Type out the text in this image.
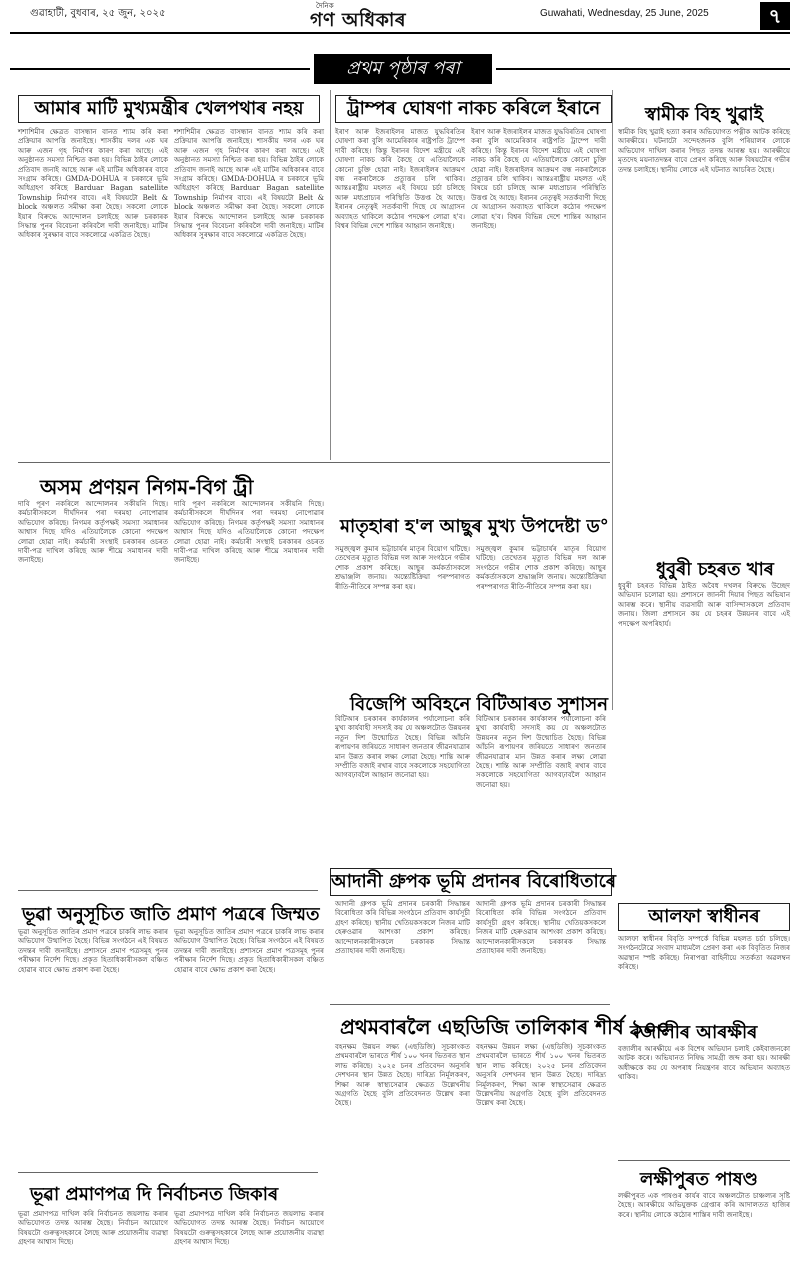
গুৱাহাটী, বুধবাৰ, ২৫ জুন, ২০২৫
দৈনিক
গণ অধিকাৰ	Guwahati, Wednesday, 25 June, 2025	৭
প্ৰথম পৃষ্ঠাৰ পৰা
আমাৰ মাটি মুখ্যমন্ত্ৰীৰ খেলপথাৰ নহয়
শশাশিমীৰ ক্ষেত্ৰত বাসন্ধান বানত শ্যাম কৰি কৰা প্ৰক্ৰিয়াৰ আপত্তি জনাইছে। শাসকীয় দলৰ এক ঘৰ আৰু এজন গৃহ নিৰ্মাণৰ কাৰণ কৰা আছে। এই অনুষ্ঠানত সমস্যা নিশ্চিত কৰা হয়। বিভিন্ন ঠাইৰ লোকে প্ৰতিবাদ জনাই আছে আৰু এই মাটিৰ অধিকাৰৰ বাবে সংগ্ৰাম কৰিছে। GMDA-DOHUA ৰ চৰকাৰে ভূমি অধিগ্ৰহণ কৰিছে Barduar Bagan satellite Township নিৰ্মাণৰ বাবে। এই বিষয়টো Belt & block অঞ্চলত সমীক্ষা কৰা হৈছে। সকলো লোকে ইয়াৰ বিৰুদ্ধে আন্দোলন চলাইছে আৰু চৰকাৰক সিদ্ধান্ত পুনৰ বিবেচনা কৰিবলৈ দাবী জনাইছে। মাটিৰ অধিকাৰ সুৰক্ষাৰ বাবে সকলোৱে একত্ৰিত হৈছে।
শশাশিমীৰ ক্ষেত্ৰত বাসন্ধান বানত শ্যাম কৰি কৰা প্ৰক্ৰিয়াৰ আপত্তি জনাইছে। শাসকীয় দলৰ এক ঘৰ আৰু এজন গৃহ নিৰ্মাণৰ কাৰণ কৰা আছে। এই অনুষ্ঠানত সমস্যা নিশ্চিত কৰা হয়। বিভিন্ন ঠাইৰ লোকে প্ৰতিবাদ জনাই আছে আৰু এই মাটিৰ অধিকাৰৰ বাবে সংগ্ৰাম কৰিছে। GMDA-DOHUA ৰ চৰকাৰে ভূমি অধিগ্ৰহণ কৰিছে Barduar Bagan satellite Township নিৰ্মাণৰ বাবে। এই বিষয়টো Belt & block অঞ্চলত সমীক্ষা কৰা হৈছে। সকলো লোকে ইয়াৰ বিৰুদ্ধে আন্দোলন চলাইছে আৰু চৰকাৰক সিদ্ধান্ত পুনৰ বিবেচনা কৰিবলৈ দাবী জনাইছে। মাটিৰ অধিকাৰ সুৰক্ষাৰ বাবে সকলোৱে একত্ৰিত হৈছে।
ট্ৰাম্পৰ ঘোষণা নাকচ কৰিলে ইৰানে
ইৰাণ আৰু ইজৰাইলৰ মাজত যুদ্ধবিৰতিৰ ঘোষণা কৰা বুলি আমেৰিকাৰ ৰাষ্ট্ৰপতি ট্ৰাম্পে দাবী কৰিছে। কিন্তু ইৰানৰ বিদেশ মন্ত্ৰীয়ে এই ঘোষণা নাকচ কৰি কৈছে যে এতিয়ালৈকে কোনো চুক্তি হোৱা নাই। ইজৰাইলৰ আক্ৰমণ বন্ধ নকৰালৈকে প্ৰত্যুত্তৰ চলি থাকিব। আন্তঃৰাষ্ট্ৰীয় মহলত এই বিষয়ে চৰ্চা চলিছে আৰু মধ্যপ্ৰাচ্যৰ পৰিস্থিতি উত্তপ্ত হৈ আছে। ইৰানৰ নেতৃত্বই সতৰ্কবাণী দিছে যে আগ্ৰাসন অব্যাহত থাকিলে কঠোৰ পদক্ষেপ লোৱা হ'ব। বিশ্বৰ বিভিন্ন দেশে শান্তিৰ আহ্বান জনাইছে।
ইৰাণ আৰু ইজৰাইলৰ মাজত যুদ্ধবিৰতিৰ ঘোষণা কৰা বুলি আমেৰিকাৰ ৰাষ্ট্ৰপতি ট্ৰাম্পে দাবী কৰিছে। কিন্তু ইৰানৰ বিদেশ মন্ত্ৰীয়ে এই ঘোষণা নাকচ কৰি কৈছে যে এতিয়ালৈকে কোনো চুক্তি হোৱা নাই। ইজৰাইলৰ আক্ৰমণ বন্ধ নকৰালৈকে প্ৰত্যুত্তৰ চলি থাকিব। আন্তঃৰাষ্ট্ৰীয় মহলত এই বিষয়ে চৰ্চা চলিছে আৰু মধ্যপ্ৰাচ্যৰ পৰিস্থিতি উত্তপ্ত হৈ আছে। ইৰানৰ নেতৃত্বই সতৰ্কবাণী দিছে যে আগ্ৰাসন অব্যাহত থাকিলে কঠোৰ পদক্ষেপ লোৱা হ'ব। বিশ্বৰ বিভিন্ন দেশে শান্তিৰ আহ্বান জনাইছে।
স্বামীক বিহ খুৱাই
স্বামীক বিহ খুৱাই হত্যা কৰাৰ অভিযোগত পত্নীক আটক কৰিছে আৰক্ষীয়ে। ঘটনাটো সন্দেহজনক বুলি পৰিয়ালৰ লোকে অভিযোগ দাখিল কৰাৰ পিছত তদন্ত আৰম্ভ হয়। আৰক্ষীয়ে মৃতদেহ ময়নাতদন্তৰ বাবে প্ৰেৰণ কৰিছে আৰু বিষয়টোৰ গভীৰ তদন্ত চলাইছে। স্থানীয় লোকে এই ঘটনাত আচৰিত হৈছে।
অসম প্ৰণয়ন নিগম-বিগ ট্ৰী
দাবি পূৰণ নকৰিলে আন্দোলনৰ সকীয়নি দিছে। কৰ্মচাৰীসকলে দীৰ্ঘদিনৰ পৰা দৰমহা নোপোৱাৰ অভিযোগ কৰিছে। নিগমৰ কৰ্তৃপক্ষই সমস্যা সমাধানৰ আশ্বাস দিছে যদিও এতিয়ালৈকে কোনো পদক্ষেপ লোৱা হোৱা নাই। কৰ্মচাৰী সংস্থাই চৰকাৰৰ ওচৰত দাবী-পত্ৰ দাখিল কৰিছে আৰু শীঘ্ৰে সমাধানৰ দাবী জনাইছে।
দাবি পূৰণ নকৰিলে আন্দোলনৰ সকীয়নি দিছে। কৰ্মচাৰীসকলে দীৰ্ঘদিনৰ পৰা দৰমহা নোপোৱাৰ অভিযোগ কৰিছে। নিগমৰ কৰ্তৃপক্ষই সমস্যা সমাধানৰ আশ্বাস দিছে যদিও এতিয়ালৈকে কোনো পদক্ষেপ লোৱা হোৱা নাই। কৰ্মচাৰী সংস্থাই চৰকাৰৰ ওচৰত দাবী-পত্ৰ দাখিল কৰিছে আৰু শীঘ্ৰে সমাধানৰ দাবী জনাইছে।
মাতৃহাৰা হ'ল আছুৰ মুখ্য উপদেষ্টা ড°
সমুজ্জ্বল কুমাৰ ভট্টাচাৰ্যৰ মাতৃৰ বিয়োগ ঘটিছে। তেখেতৰ মৃত্যুত বিভিন্ন দল আৰু সংগঠনে গভীৰ শোক প্ৰকাশ কৰিছে। আছুৰ কৰ্মকৰ্তাসকলে শ্ৰদ্ধাঞ্জলি জনায়। অন্ত্যেষ্টিক্ৰিয়া পৰম্পৰাগত ৰীতি-নীতিৰে সম্পন্ন কৰা হয়।
সমুজ্জ্বল কুমাৰ ভট্টাচাৰ্যৰ মাতৃৰ বিয়োগ ঘটিছে। তেখেতৰ মৃত্যুত বিভিন্ন দল আৰু সংগঠনে গভীৰ শোক প্ৰকাশ কৰিছে। আছুৰ কৰ্মকৰ্তাসকলে শ্ৰদ্ধাঞ্জলি জনায়। অন্ত্যেষ্টিক্ৰিয়া পৰম্পৰাগত ৰীতি-নীতিৰে সম্পন্ন কৰা হয়।
ধুবুৰী চহৰত খাৰ
ধুবুৰী চহৰত বিভিন্ন ঠাইত অবৈধ দখলৰ বিৰুদ্ধে উচ্ছেদ অভিযান চলোৱা হয়। প্ৰশাসনে জাননী দিয়াৰ পিছত অভিযান আৰম্ভ কৰে। স্থানীয় ব্যৱসায়ী আৰু বাসিন্দাসকলে প্ৰতিবাদ জনায়। জিলা প্ৰশাসনে কয় যে চহৰৰ উন্নয়নৰ বাবে এই পদক্ষেপ অপৰিহাৰ্য।
বিজেপি অবিহনে বিটিআৰত সুশাসন
বিটিআৰ চৰকাৰৰ কাৰ্যকালৰ পৰ্যালোচনা কৰি মুখ্য কাৰ্যবাহী সদস্যই কয় যে অঞ্চলটোত উন্নয়নৰ নতুন দিশ উন্মোচিত হৈছে। বিভিন্ন আঁচনি ৰূপায়ণৰ জৰিয়তে সাধাৰণ জনতাৰ জীৱনযাত্ৰাৰ মান উন্নত কৰাৰ লক্ষ্য লোৱা হৈছে। শান্তি আৰু সম্প্ৰীতি বজাই ৰখাৰ বাবে সকলোকে সহযোগিতা আগবঢ়াবলৈ আহ্বান জনোৱা হয়।
বিটিআৰ চৰকাৰৰ কাৰ্যকালৰ পৰ্যালোচনা কৰি মুখ্য কাৰ্যবাহী সদস্যই কয় যে অঞ্চলটোত উন্নয়নৰ নতুন দিশ উন্মোচিত হৈছে। বিভিন্ন আঁচনি ৰূপায়ণৰ জৰিয়তে সাধাৰণ জনতাৰ জীৱনযাত্ৰাৰ মান উন্নত কৰাৰ লক্ষ্য লোৱা হৈছে। শান্তি আৰু সম্প্ৰীতি বজাই ৰখাৰ বাবে সকলোকে সহযোগিতা আগবঢ়াবলৈ আহ্বান জনোৱা হয়।
আদানী গ্ৰুপক ভূমি প্ৰদানৰ বিৰোধিতাৰে
আদানী গ্ৰুপক ভূমি প্ৰদানৰ চৰকাৰী সিদ্ধান্তৰ বিৰোধিতা কৰি বিভিন্ন সংগঠনে প্ৰতিবাদ কাৰ্যসূচী গ্ৰহণ কৰিছে। স্থানীয় খেতিয়কসকলে নিজৰ মাটি হেৰুওৱাৰ আশংকা প্ৰকাশ কৰিছে। আন্দোলনকাৰীসকলে চৰকাৰক সিদ্ধান্ত প্ৰত্যাহাৰৰ দাবী জনাইছে।
আদানী গ্ৰুপক ভূমি প্ৰদানৰ চৰকাৰী সিদ্ধান্তৰ বিৰোধিতা কৰি বিভিন্ন সংগঠনে প্ৰতিবাদ কাৰ্যসূচী গ্ৰহণ কৰিছে। স্থানীয় খেতিয়কসকলে নিজৰ মাটি হেৰুওৱাৰ আশংকা প্ৰকাশ কৰিছে। আন্দোলনকাৰীসকলে চৰকাৰক সিদ্ধান্ত প্ৰত্যাহাৰৰ দাবী জনাইছে।
ভূৱা অনুসূচিত জাতি প্ৰমাণ পত্ৰৰে জিম্মত
ভূৱা অনুসূচিত জাতিৰ প্ৰমাণ পত্ৰৰে চাকৰি লাভ কৰাৰ অভিযোগ উত্থাপিত হৈছে। বিভিন্ন সংগঠনে এই বিষয়ত তদন্তৰ দাবী জনাইছে। প্ৰশাসনে প্ৰমাণ পত্ৰসমূহ পুনৰ পৰীক্ষাৰ নিৰ্দেশ দিছে। প্ৰকৃত হিতাধিকাৰীসকল বঞ্চিত হোৱাৰ বাবে ক্ষোভ প্ৰকাশ কৰা হৈছে।
ভূৱা অনুসূচিত জাতিৰ প্ৰমাণ পত্ৰৰে চাকৰি লাভ কৰাৰ অভিযোগ উত্থাপিত হৈছে। বিভিন্ন সংগঠনে এই বিষয়ত তদন্তৰ দাবী জনাইছে। প্ৰশাসনে প্ৰমাণ পত্ৰসমূহ পুনৰ পৰীক্ষাৰ নিৰ্দেশ দিছে। প্ৰকৃত হিতাধিকাৰীসকল বঞ্চিত হোৱাৰ বাবে ক্ষোভ প্ৰকাশ কৰা হৈছে।
আলফা স্বাধীনৰ
আলফা স্বাধীনৰ বিবৃতি সম্পৰ্কে বিভিন্ন মহলত চৰ্চা চলিছে। সংগঠনটোৱে সংবাদ মাধ্যমলৈ প্ৰেৰণ কৰা এক বিবৃতিত নিজৰ অৱস্থান স্পষ্ট কৰিছে। নিৰাপত্তা বাহিনীয়ে সতৰ্কতা অৱলম্বন কৰিছে।
প্ৰথমবাৰলৈ এছডিজি তালিকাৰ শীৰ্ষ ১০০
বহনক্ষম উন্নয়ন লক্ষ্য (এছডিজি) সূচকাংকত প্ৰথমবাৰলৈ ভাৰতে শীৰ্ষ ১০০ খনৰ ভিতৰত স্থান লাভ কৰিছে। ২০২৫ চনৰ প্ৰতিবেদন অনুসৰি দেশখনৰ স্থান উন্নত হৈছে। দাৰিদ্ৰ্য নিৰ্মূলকৰণ, শিক্ষা আৰু স্বাস্থ্যসেৱাৰ ক্ষেত্ৰত উল্লেখনীয় অগ্ৰগতি হৈছে বুলি প্ৰতিবেদনত উল্লেখ কৰা হৈছে।
বহনক্ষম উন্নয়ন লক্ষ্য (এছডিজি) সূচকাংকত প্ৰথমবাৰলৈ ভাৰতে শীৰ্ষ ১০০ খনৰ ভিতৰত স্থান লাভ কৰিছে। ২০২৫ চনৰ প্ৰতিবেদন অনুসৰি দেশখনৰ স্থান উন্নত হৈছে। দাৰিদ্ৰ্য নিৰ্মূলকৰণ, শিক্ষা আৰু স্বাস্থ্যসেৱাৰ ক্ষেত্ৰত উল্লেখনীয় অগ্ৰগতি হৈছে বুলি প্ৰতিবেদনত উল্লেখ কৰা হৈছে।
বজালীৰ আৰক্ষীৰ
বজালীৰ আৰক্ষীয়ে এক বিশেষ অভিযান চলাই কেইবাজনকো আটক কৰে। অভিযানত নিষিদ্ধ সামগ্ৰী জব্দ কৰা হয়। আৰক্ষী অধীক্ষকে কয় যে অপৰাধ নিয়ন্ত্ৰণৰ বাবে অভিযান অব্যাহত থাকিব।
ভূৱা প্ৰমাণপত্ৰ দি নিৰ্বাচনত জিকাৰ
ভূৱা প্ৰমাণপত্ৰ দাখিল কৰি নিৰ্বাচনত জয়লাভ কৰাৰ অভিযোগত তদন্ত আৰম্ভ হৈছে। নিৰ্বাচন আয়োগে বিষয়টো গুৰুত্বসহকাৰে লৈছে আৰু প্ৰয়োজনীয় ব্যৱস্থা গ্ৰহণৰ আশ্বাস দিছে।
ভূৱা প্ৰমাণপত্ৰ দাখিল কৰি নিৰ্বাচনত জয়লাভ কৰাৰ অভিযোগত তদন্ত আৰম্ভ হৈছে। নিৰ্বাচন আয়োগে বিষয়টো গুৰুত্বসহকাৰে লৈছে আৰু প্ৰয়োজনীয় ব্যৱস্থা গ্ৰহণৰ আশ্বাস দিছে।
লক্ষীপুৰত পাষণ্ড
লক্ষীপুৰত এক পাষণ্ডৰ কাৰ্যৰ বাবে অঞ্চলটোত চাঞ্চল্যৰ সৃষ্টি হৈছে। আৰক্ষীয়ে অভিযুক্তক গ্ৰেপ্তাৰ কৰি আদালতত হাজিৰ কৰে। স্থানীয় লোকে কঠোৰ শাস্তিৰ দাবী জনাইছে।
